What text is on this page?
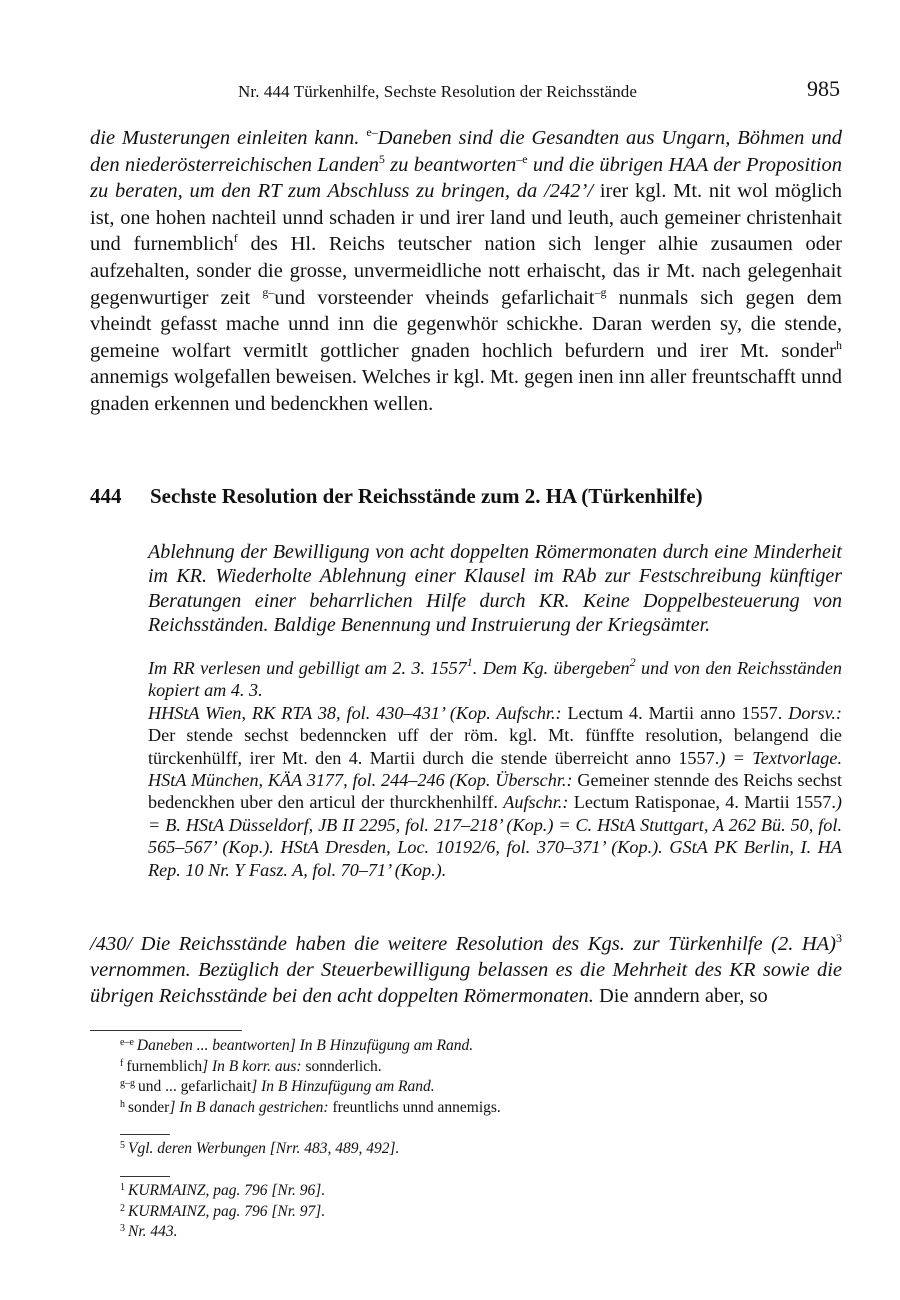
Nr. 444 Türkenhilfe, Sechste Resolution der Reichsstände	985

die Musterungen einleiten kann. $^{e-}$Daneben sind die Gesandten aus Ungarn, Böhmen und den niederösterreichischen Landen$^5$ zu beantworten$^{-e}$ und die übrigen HAA der Proposition zu beraten, um den RT zum Abschluss zu bringen, da /242’/ irer kgl. Mt. nit wol möglich ist, one hohen nachteil unnd schaden ir und irer land und leuth, auch gemeiner christenhait und furnemblich$^f$ des Hl. Reichs teutscher nation sich lenger alhie zusaumen oder aufzehalten, sonder die grosse, unvermeidliche nott erhaischt, das ir Mt. nach gelegenhait gegenwurtiger zeit $^{g-}$und vorsteender vheinds gefarlichait$^{-g}$ nunmals sich gegen dem vheindt gefasst mache unnd inn die gegenwhör schickhe. Daran werden sy, die stende, gemeine wolfart vermitlt gottlicher gnaden hochlich befurdern und irer Mt. sonder$^h$ annemigs wolgefallen beweisen. Welches ir kgl. Mt. gegen inen inn aller freuntschafft unnd gnaden erkennen und bedenckhen wellen.

444 Sechste Resolution der Reichsstände zum 2. HA (Türkenhilfe)

Ablehnung der Bewilligung von acht doppelten Römermonaten durch eine Minderheit im KR. Wiederholte Ablehnung einer Klausel im RAb zur Festschreibung künftiger Beratungen einer beharrlichen Hilfe durch KR. Keine Doppelbesteuerung von Reichsständen. Baldige Benennung und Instruierung der Kriegsämter.

Im RR verlesen und gebilligt am 2. 3. 1557$^1$. Dem Kg. übergeben$^2$ und von den Reichsständen kopiert am 4. 3.
HHStA Wien, RK RTA 38, fol. 430–431’ (Kop. Aufschr.: Lectum 4. Martii anno 1557. Dorsv.: Der stende sechst bedenncken uff der röm. kgl. Mt. fünffte resolution, belangend die türckenhülff, irer Mt. den 4. Martii durch die stende überreicht anno 1557.) = Textvorlage. HStA München, KÄA 3177, fol. 244–246 (Kop. Überschr.: Gemeiner stennde des Reichs sechst bedenckhen uber den articul der thurckhenhilff. Aufschr.: Lectum Ratisponae, 4. Martii 1557.) = B. HStA Düsseldorf, JB II 2295, fol. 217–218’ (Kop.) = C. HStA Stuttgart, A 262 Bü. 50, fol. 565–567’ (Kop.). HStA Dresden, Loc. 10192/6, fol. 370–371’ (Kop.). GStA PK Berlin, I. HA Rep. 10 Nr. Y Fasz. A, fol. 70–71’ (Kop.).

/430/ Die Reichsstände haben die weitere Resolution des Kgs. zur Türkenhilfe (2. HA)$^3$ vernommen. Bezüglich der Steuerbewilligung belassen es die Mehrheit des KR sowie die übrigen Reichsstände bei den acht doppelten Römermonaten. Die anndern aber, so

$^{e-e}$ Daneben ... beantworten] In B Hinzufügung am Rand.

$^f$ furnemblich] In B korr. aus: sonnderlich.

$^{g-g}$ und ... gefarlichait] In B Hinzufügung am Rand.

$^h$ sonder] In B danach gestrichen: freuntlichs unnd annemigs.

$^5$ Vgl. deren Werbungen [Nrr. 483, 489, 492].

$^1$ KURMAINZ, pag. 796 [Nr. 96].

$^2$ KURMAINZ, pag. 796 [Nr. 97].

$^3$ Nr. 443.
